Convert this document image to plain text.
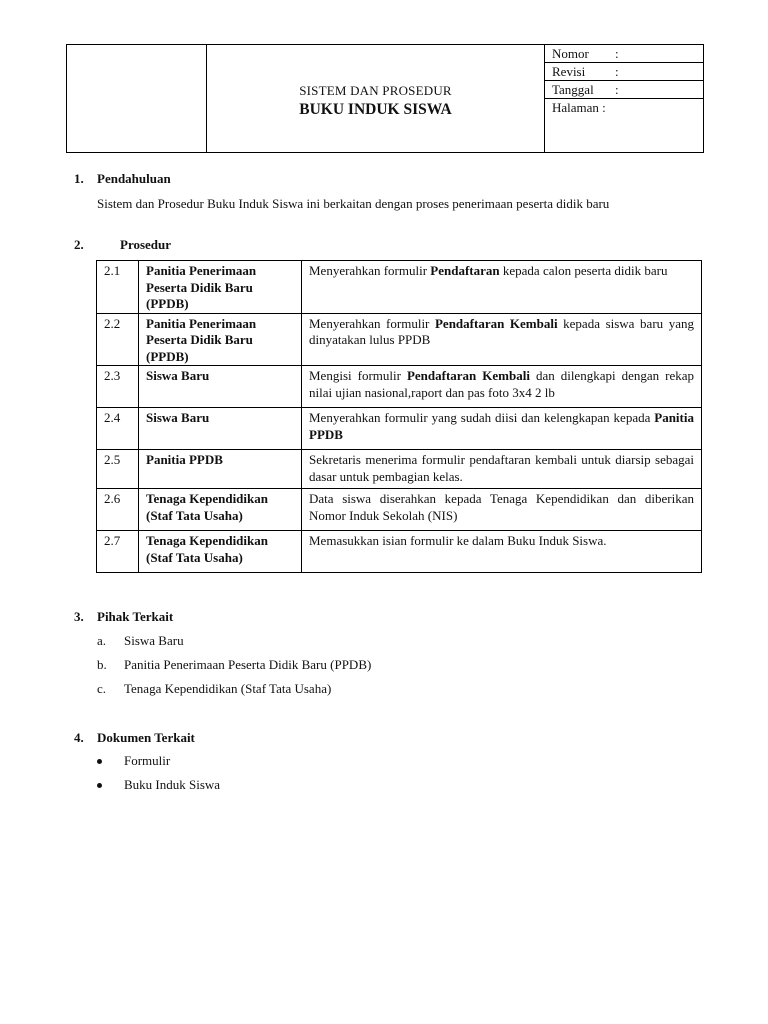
SISTEM DAN PROSEDUR
BUKU INDUK SISWA
Nomor :
Revisi :
Tanggal :
Halaman :
1. Pendahuluan
Sistem dan Prosedur Buku Induk Siswa ini berkaitan dengan proses penerimaan peserta didik baru
2.	Prosedur
2.1	Panitia Penerimaan Peserta Didik Baru (PPDB)	Menyerahkan formulir Pendaftaran kepada calon peserta didik baru
2.2	Panitia Penerimaan Peserta Didik Baru (PPDB)	Menyerahkan formulir Pendaftaran Kembali kepada siswa baru yang dinyatakan lulus PPDB
2.3	Siswa Baru	Mengisi formulir Pendaftaran Kembali dan dilengkapi dengan rekap nilai ujian nasional,raport dan pas foto 3x4 2 lb
2.4	Siswa Baru	Menyerahkan formulir yang sudah diisi dan kelengkapan kepada Panitia PPDB
2.5	Panitia PPDB	Sekretaris menerima formulir pendaftaran kembali untuk diarsip sebagai dasar untuk pembagian kelas.
2.6	Tenaga Kependidikan (Staf Tata Usaha)	Data siswa diserahkan kepada Tenaga Kependidikan dan diberikan Nomor Induk Sekolah (NIS)
2.7	Tenaga Kependidikan (Staf Tata Usaha)	Memasukkan isian formulir ke dalam Buku Induk Siswa.
3. Pihak Terkait
a. Siswa Baru
b. Panitia Penerimaan Peserta Didik Baru (PPDB)
c. Tenaga Kependidikan (Staf Tata Usaha)
4. Dokumen Terkait
Formulir
Buku Induk Siswa
